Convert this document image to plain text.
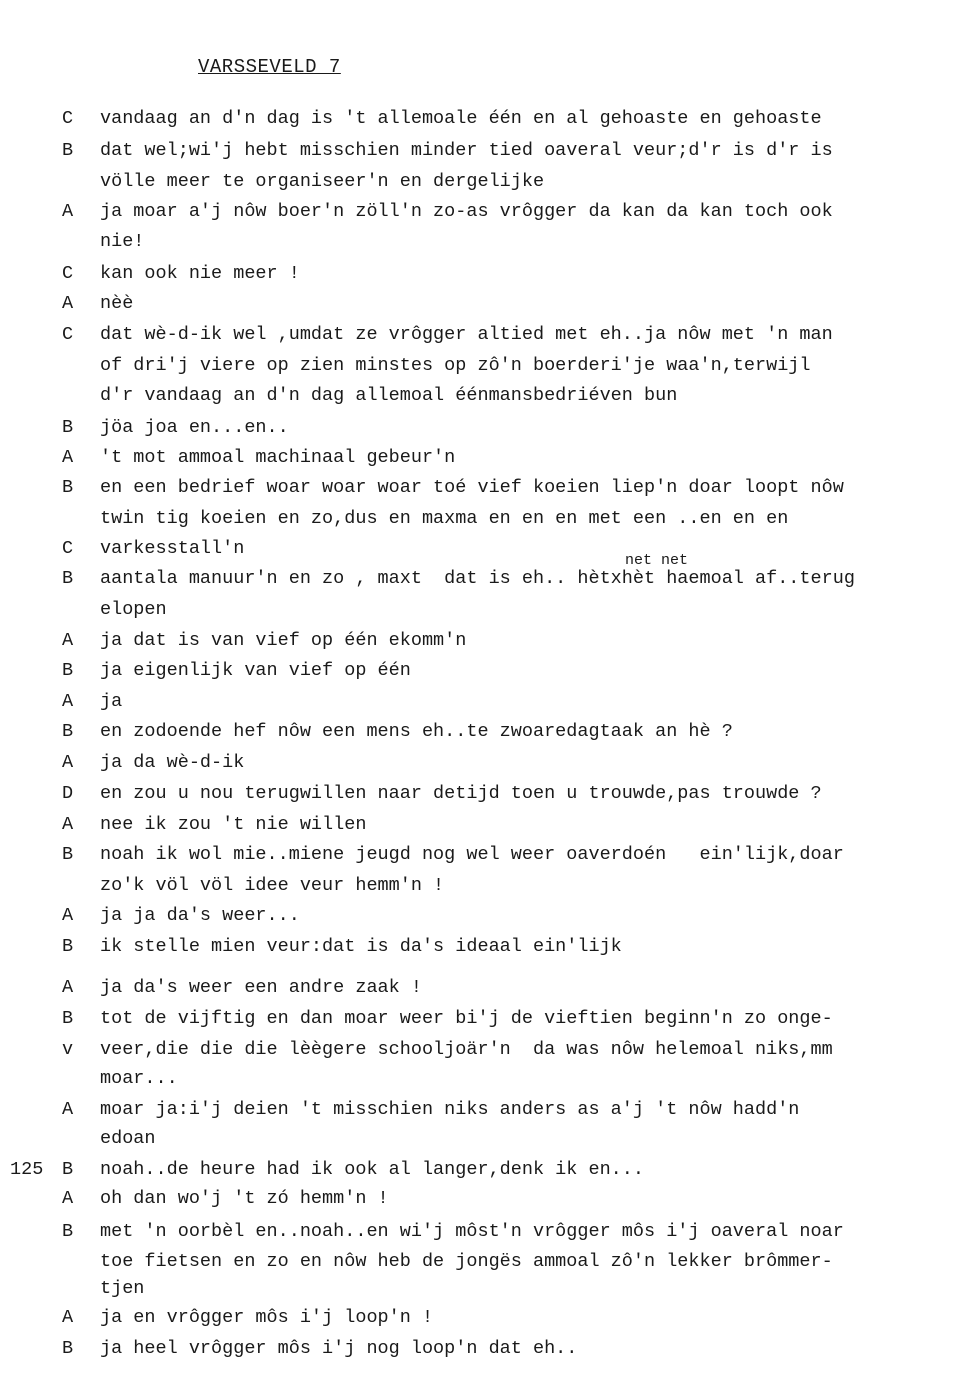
VARSSEVELD 7
C vandaag an d'n dag is 't allemoale één en al gehoaste en gehoaste
B dat wel;wi'j hebt misschien minder tied oaveral veur;d'r is d'r is
völle meer te organiseer'n en dergelijke
A ja moar a'j nôw boer'n zöll'n zo-as vrôgger da kan da kan toch ook
nie!
C kan ook nie meer !
A nèè
C dat wè-d-ik wel ,umdat ze vrôgger altied met eh..ja nôw met 'n man
of dri'j viere op zien minstes op zô'n boerderi'je waa'n,terwijl
d'r vandaag an d'n dag allemoal éénmansbedriéven bun
B jöa joa en...en..
A 't mot ammoal machinaal gebeur'n
B en een bedrief woar woar woar toé vief koeien liep'n doar loopt nôw
twin tig koeien en zo,dus en maxma en en en met een ..en en en
C varkesstall'n
B aantala manuur'n en zo , maxt  dat is eh.. hètxhèt haemoal af..terug
elopen
A ja dat is van vief op één ekomm'n
B ja eigenlijk van vief op één
A ja
B en zodoende hef nôw een mens eh..te zwoaredagtaak an hè ?
A ja da wè-d-ik
D en zou u nou terugwillen naar detijd toen u trouwde,pas trouwde ?
A nee ik zou 't nie willen
B noah ik wol mie..miene jeugd nog wel weer oaverdoén   ein'lijk,doar
zo'k völ völ idee veur hemm'n !
A ja ja da's weer...
B ik stelle mien veur:dat is da's ideaal ein'lijk
A ja da's weer een andre zaak !
B tot de vijftig en dan moar weer bi'j de vieftien beginn'n zo onge-
v veer,die die die lèègere schooljoär'n  da was nôw helemoal niks,mm
moar...
A moar ja:i'j deien 't misschien niks anders as a'j 't nôw hadd'n
edoan
125 B noah..de heure had ik ook al langer,denk ik en...
A oh dan wo'j 't zó hemm'n !
B met 'n oorbèl en..noah..en wi'j môst'n vrôgger môs i'j oaveral noar
toe fietsen en zo en nôw heb de jongës ammoal zô'n lekker brômmer-
tjen
A ja en vrôgger môs i'j loop'n !
B ja heel vrôgger môs i'j nog loop'n dat eh..
net net
